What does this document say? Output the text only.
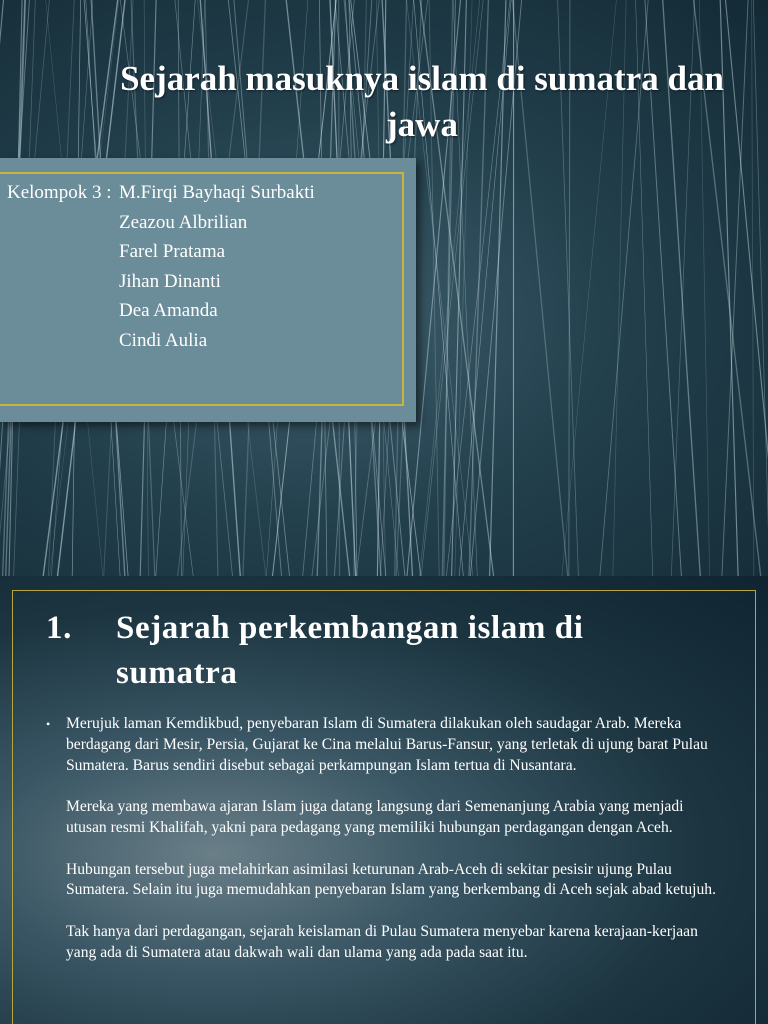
Sejarah masuknya islam di sumatra dan jawa
Kelompok 3 : M.Firqi Bayhaqi Surbakti
Zeazou Albrilian
Farel Pratama
Jihan Dinanti
Dea Amanda
Cindi Aulia
1.	Sejarah perkembangan islam di sumatra
•	Merujuk laman Kemdikbud, penyebaran Islam di Sumatera dilakukan oleh saudagar Arab. Mereka berdagang dari Mesir, Persia, Gujarat ke Cina melalui Barus-Fansur, yang terletak di ujung barat Pulau Sumatera. Barus sendiri disebut sebagai perkampungan Islam tertua di Nusantara.

Mereka yang membawa ajaran Islam juga datang langsung dari Semenanjung Arabia yang menjadi utusan resmi Khalifah, yakni para pedagang yang memiliki hubungan perdagangan dengan Aceh.

Hubungan tersebut juga melahirkan asimilasi keturunan Arab-Aceh di sekitar pesisir ujung Pulau Sumatera. Selain itu juga memudahkan penyebaran Islam yang berkembang di Aceh sejak abad ketujuh.

Tak hanya dari perdagangan, sejarah keislaman di Pulau Sumatera menyebar karena kerajaan-kerjaan yang ada di Sumatera atau dakwah wali dan ulama yang ada pada saat itu.
